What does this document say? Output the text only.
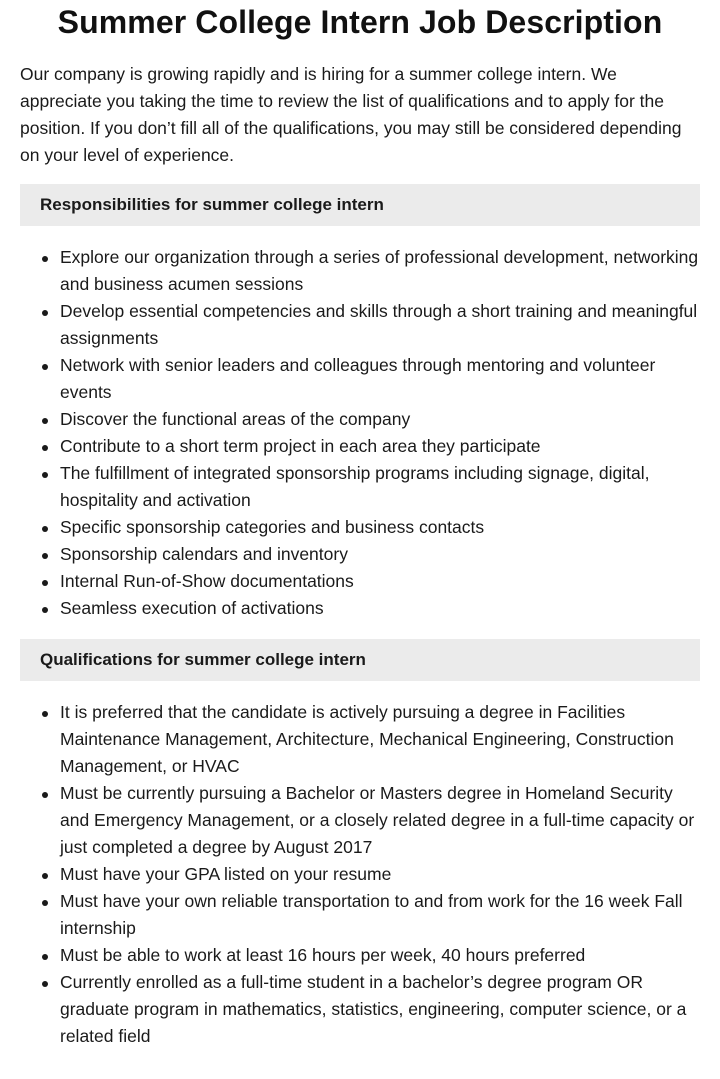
Summer College Intern Job Description

Our company is growing rapidly and is hiring for a summer college intern. We appreciate you taking the time to review the list of qualifications and to apply for the position. If you don’t fill all of the qualifications, you may still be considered depending on your level of experience.

Responsibilities for summer college intern
Explore our organization through a series of professional development, networking and business acumen sessions
Develop essential competencies and skills through a short training and meaningful assignments
Network with senior leaders and colleagues through mentoring and volunteer events
Discover the functional areas of the company
Contribute to a short term project in each area they participate
The fulfillment of integrated sponsorship programs including signage, digital, hospitality and activation
Specific sponsorship categories and business contacts
Sponsorship calendars and inventory
Internal Run-of-Show documentations
Seamless execution of activations
Qualifications for summer college intern
It is preferred that the candidate is actively pursuing a degree in Facilities Maintenance Management, Architecture, Mechanical Engineering, Construction Management, or HVAC
Must be currently pursuing a Bachelor or Masters degree in Homeland Security and Emergency Management, or a closely related degree in a full-time capacity or just completed a degree by August 2017
Must have your GPA listed on your resume
Must have your own reliable transportation to and from work for the 16 week Fall internship
Must be able to work at least 16 hours per week, 40 hours preferred
Currently enrolled as a full-time student in a bachelor’s degree program OR graduate program in mathematics, statistics, engineering, computer science, or a related field
